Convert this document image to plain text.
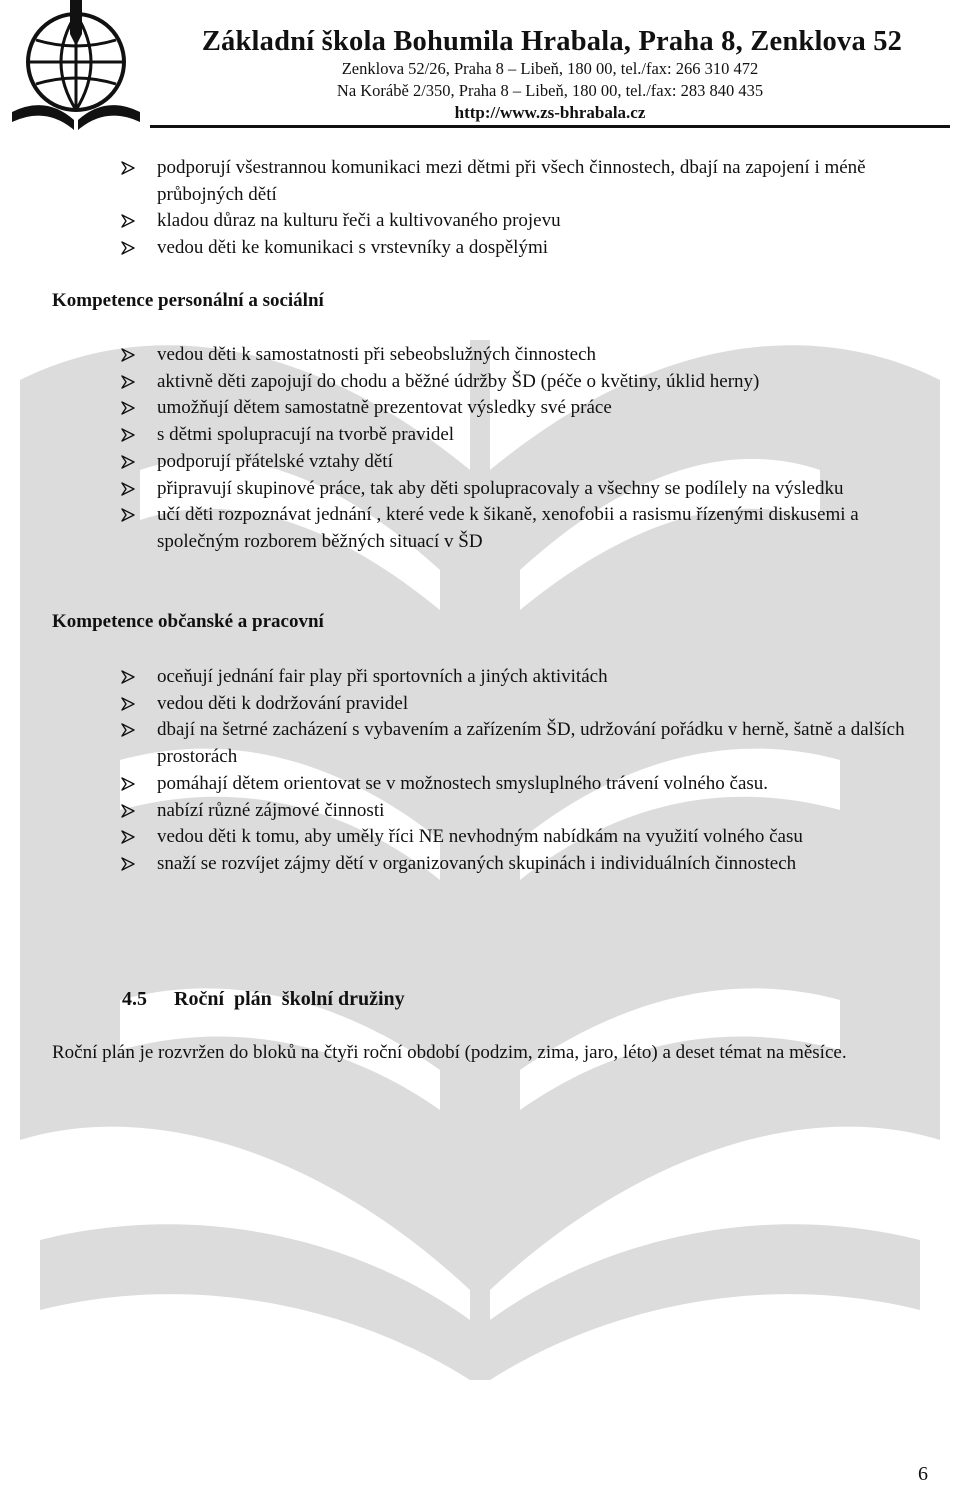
Základní škola Bohumila Hrabala, Praha 8, Zenklova 52
Zenklova 52/26, Praha 8 – Libeň, 180 00, tel./fax: 266 310 472
Na Korábě 2/350, Praha 8 – Libeň, 180 00, tel./fax: 283 840 435
http://www.zs-bhrabala.cz
podporují všestrannou komunikaci mezi dětmi při všech činnostech, dbají na zapojení i méně průbojných dětí
kladou důraz na kulturu řeči a kultivovaného projevu
vedou děti ke komunikaci s vrstevníky a dospělými
Kompetence personální a sociální
vedou děti k samostatnosti při sebeobslužných činnostech
aktivně děti zapojují do chodu a běžné údržby ŠD (péče o květiny, úklid herny)
umožňují dětem samostatně prezentovat výsledky své práce
s dětmi spolupracují na tvorbě pravidel
podporují přátelské vztahy dětí
připravují skupinové práce, tak aby děti spolupracovaly a všechny se podílely na výsledku
učí děti rozpoznávat jednání , které vede k šikaně, xenofobii a rasismu řízenými diskusemi a společným rozborem běžných situací v ŠD
Kompetence občanské a pracovní
oceňují jednání fair play při sportovních a jiných aktivitách
vedou děti k dodržování pravidel
dbají na šetrné zacházení s vybavením a zařízením ŠD, udržování pořádku v herně, šatně a dalších prostorách
pomáhají dětem orientovat se v možnostech smysluplného trávení volného času.
nabízí různé zájmové činnosti
vedou děti k tomu, aby uměly říci NE nevhodným nabídkám na využití volného času
snaží se rozvíjet zájmy dětí v organizovaných skupinách i individuálních činnostech
4.5 Roční  plán  školní družiny
Roční plán je rozvržen do bloků na čtyři roční období (podzim, zima, jaro, léto) a deset témat na měsíce.
6
